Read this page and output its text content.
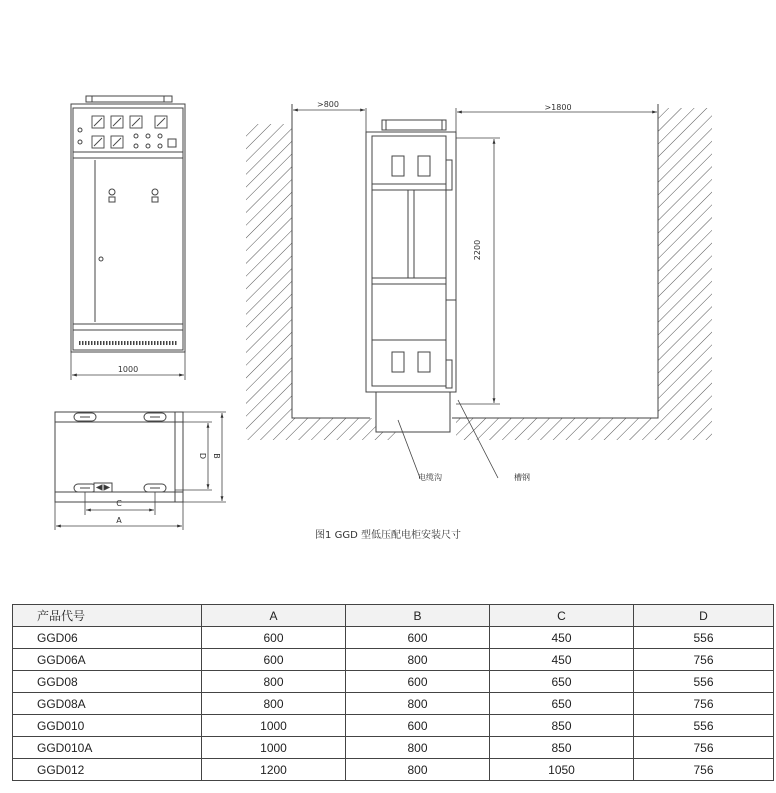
1000
C
A
D B
>800	>1800
2200
电缆沟	槽钢
图1 GGD 型低压配电柜安装尺寸
产品代号	A	B	C	D
GGD06	600	600	450	556
GGD06A	600	800	450	756
GGD08	800	600	650	556
GGD08A	800	800	650	756
GGD010	1000	600	850	556
GGD010A	1000	800	850	756
GGD012	1200	800	1050	756
